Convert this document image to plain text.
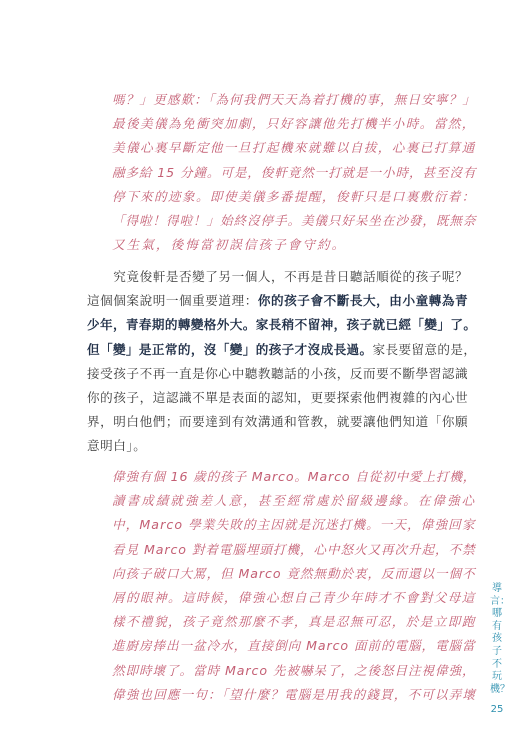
嗎？」更感歎：「為何我們天天為着打機的事，無日安寧？」
最後美儀為免衝突加劇，只好容讓他先打機半小時。當然，
美儀心裏早斷定他一旦打起機來就難以自拔，心裏已打算通
融多給 15 分鐘。可是，俊軒竟然一打就是一小時，甚至沒有
停下來的迹象。即使美儀多番提醒，俊軒只是口裏敷衍着：
「得啦！得啦！」始終沒停手。美儀只好呆坐在沙發，既無奈
又生氣，後悔當初誤信孩子會守約。
　　究竟俊軒是否變了另一個人，不再是昔日聽話順從的孩子呢？
這個個案說明一個重要道理：你的孩子會不斷長大，由小童轉為青
少年，青春期的轉變格外大。家長稍不留神，孩子就已經「變」了。
但「變」是正常的，沒「變」的孩子才沒成長過。家長要留意的是，
接受孩子不再一直是你心中聽教聽話的小孩，反而要不斷學習認識
你的孩子，這認識不單是表面的認知，更要探索他們複雜的內心世
界，明白他們；而要達到有效溝通和管教，就要讓他們知道「你願
意明白」。
偉強有個 16 歲的孩子 Marco。Marco 自從初中愛上打機，
讀書成績就強差人意，甚至經常處於留級邊緣。在偉強心
中，Marco 學業失敗的主因就是沉迷打機。一天，偉強回家
看見 Marco 對着電腦埋頭打機，心中怒火又再次升起，不禁
向孩子破口大罵，但 Marco 竟然無動於衷，反而還以一個不
屑的眼神。這時候，偉強心想自己青少年時才不會對父母這
樣不禮貌，孩子竟然那麼不孝，真是忍無可忍，於是立即跑
進廚房捧出一盆冷水，直接倒向 Marco 面前的電腦，電腦當
然即時壞了。當時 Marco 先被嚇呆了，之後怒目注視偉強，
偉強也回應一句：「望什麼？電腦是用我的錢買，不可以弄壞
導言：哪有孩子不玩機？
25
